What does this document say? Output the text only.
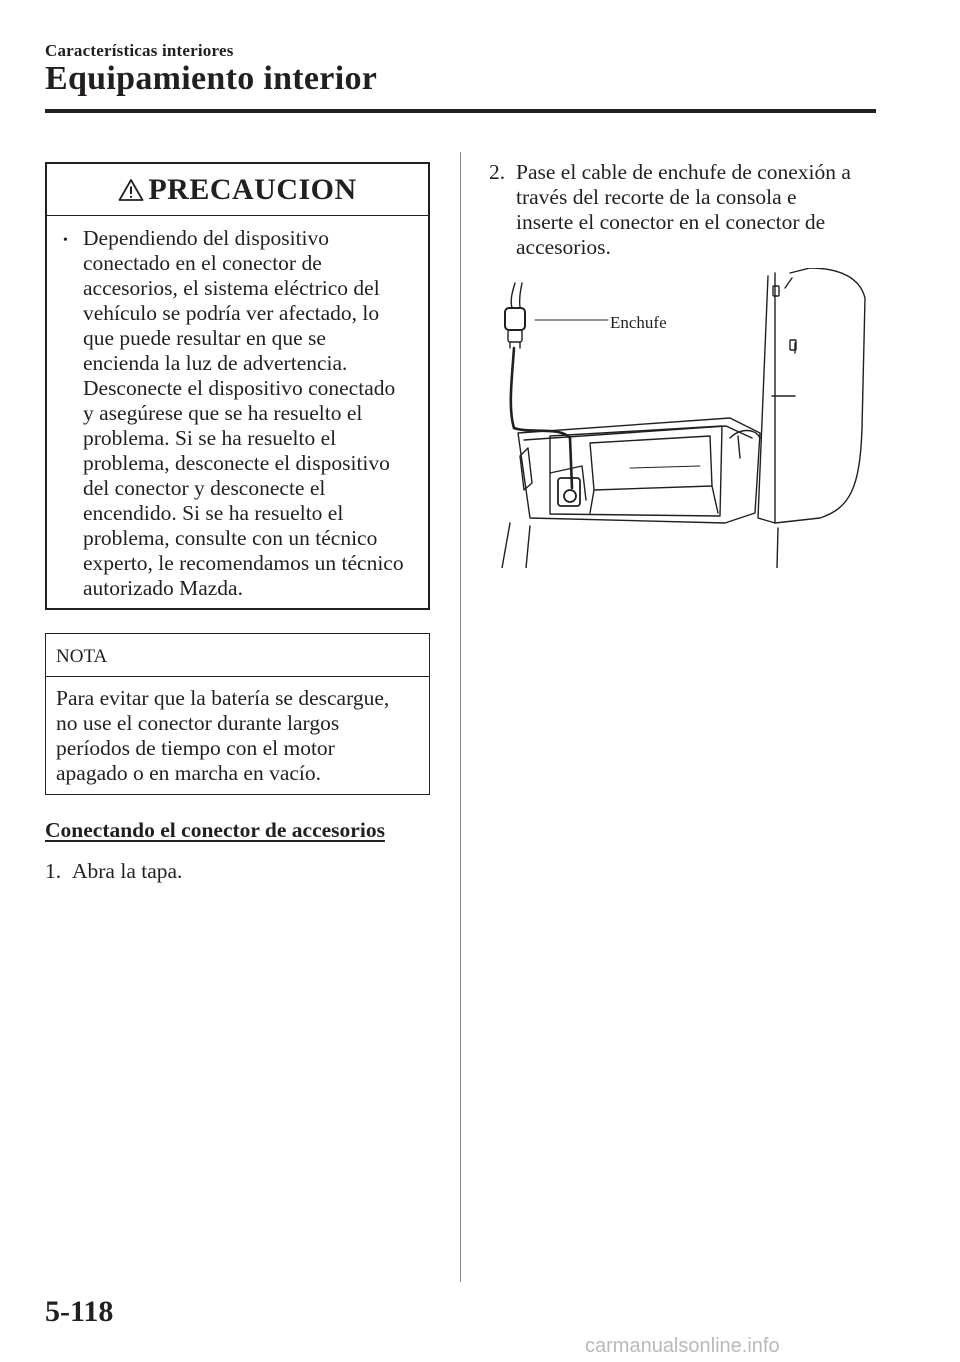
Características interiores
Equipamiento interior
PRECAUCION
• Dependiendo del dispositivo

conectado en el conector de

accesorios, el sistema eléctrico del

vehículo se podría ver afectado, lo

que puede resultar en que se

encienda la luz de advertencia.

Desconecte el dispositivo conectado

y asegúrese que se ha resuelto el

problema. Si se ha resuelto el

problema, desconecte el dispositivo

del conector y desconecte el

encendido. Si se ha resuelto el

problema, consulte con un técnico

experto, le recomendamos un técnico

autorizado Mazda.

NOTA

Para evitar que la batería se descargue,

no use el conector durante largos

períodos de tiempo con el motor

apagado o en marcha en vacío.

Conectando el conector de accesorios
1. Abra la tapa.
2. Pase el cable de enchufe de conexión a

través del recorte de la consola e

inserte el conector en el conector de

accesorios.

Enchufe
5-118
carmanualsonline.info
